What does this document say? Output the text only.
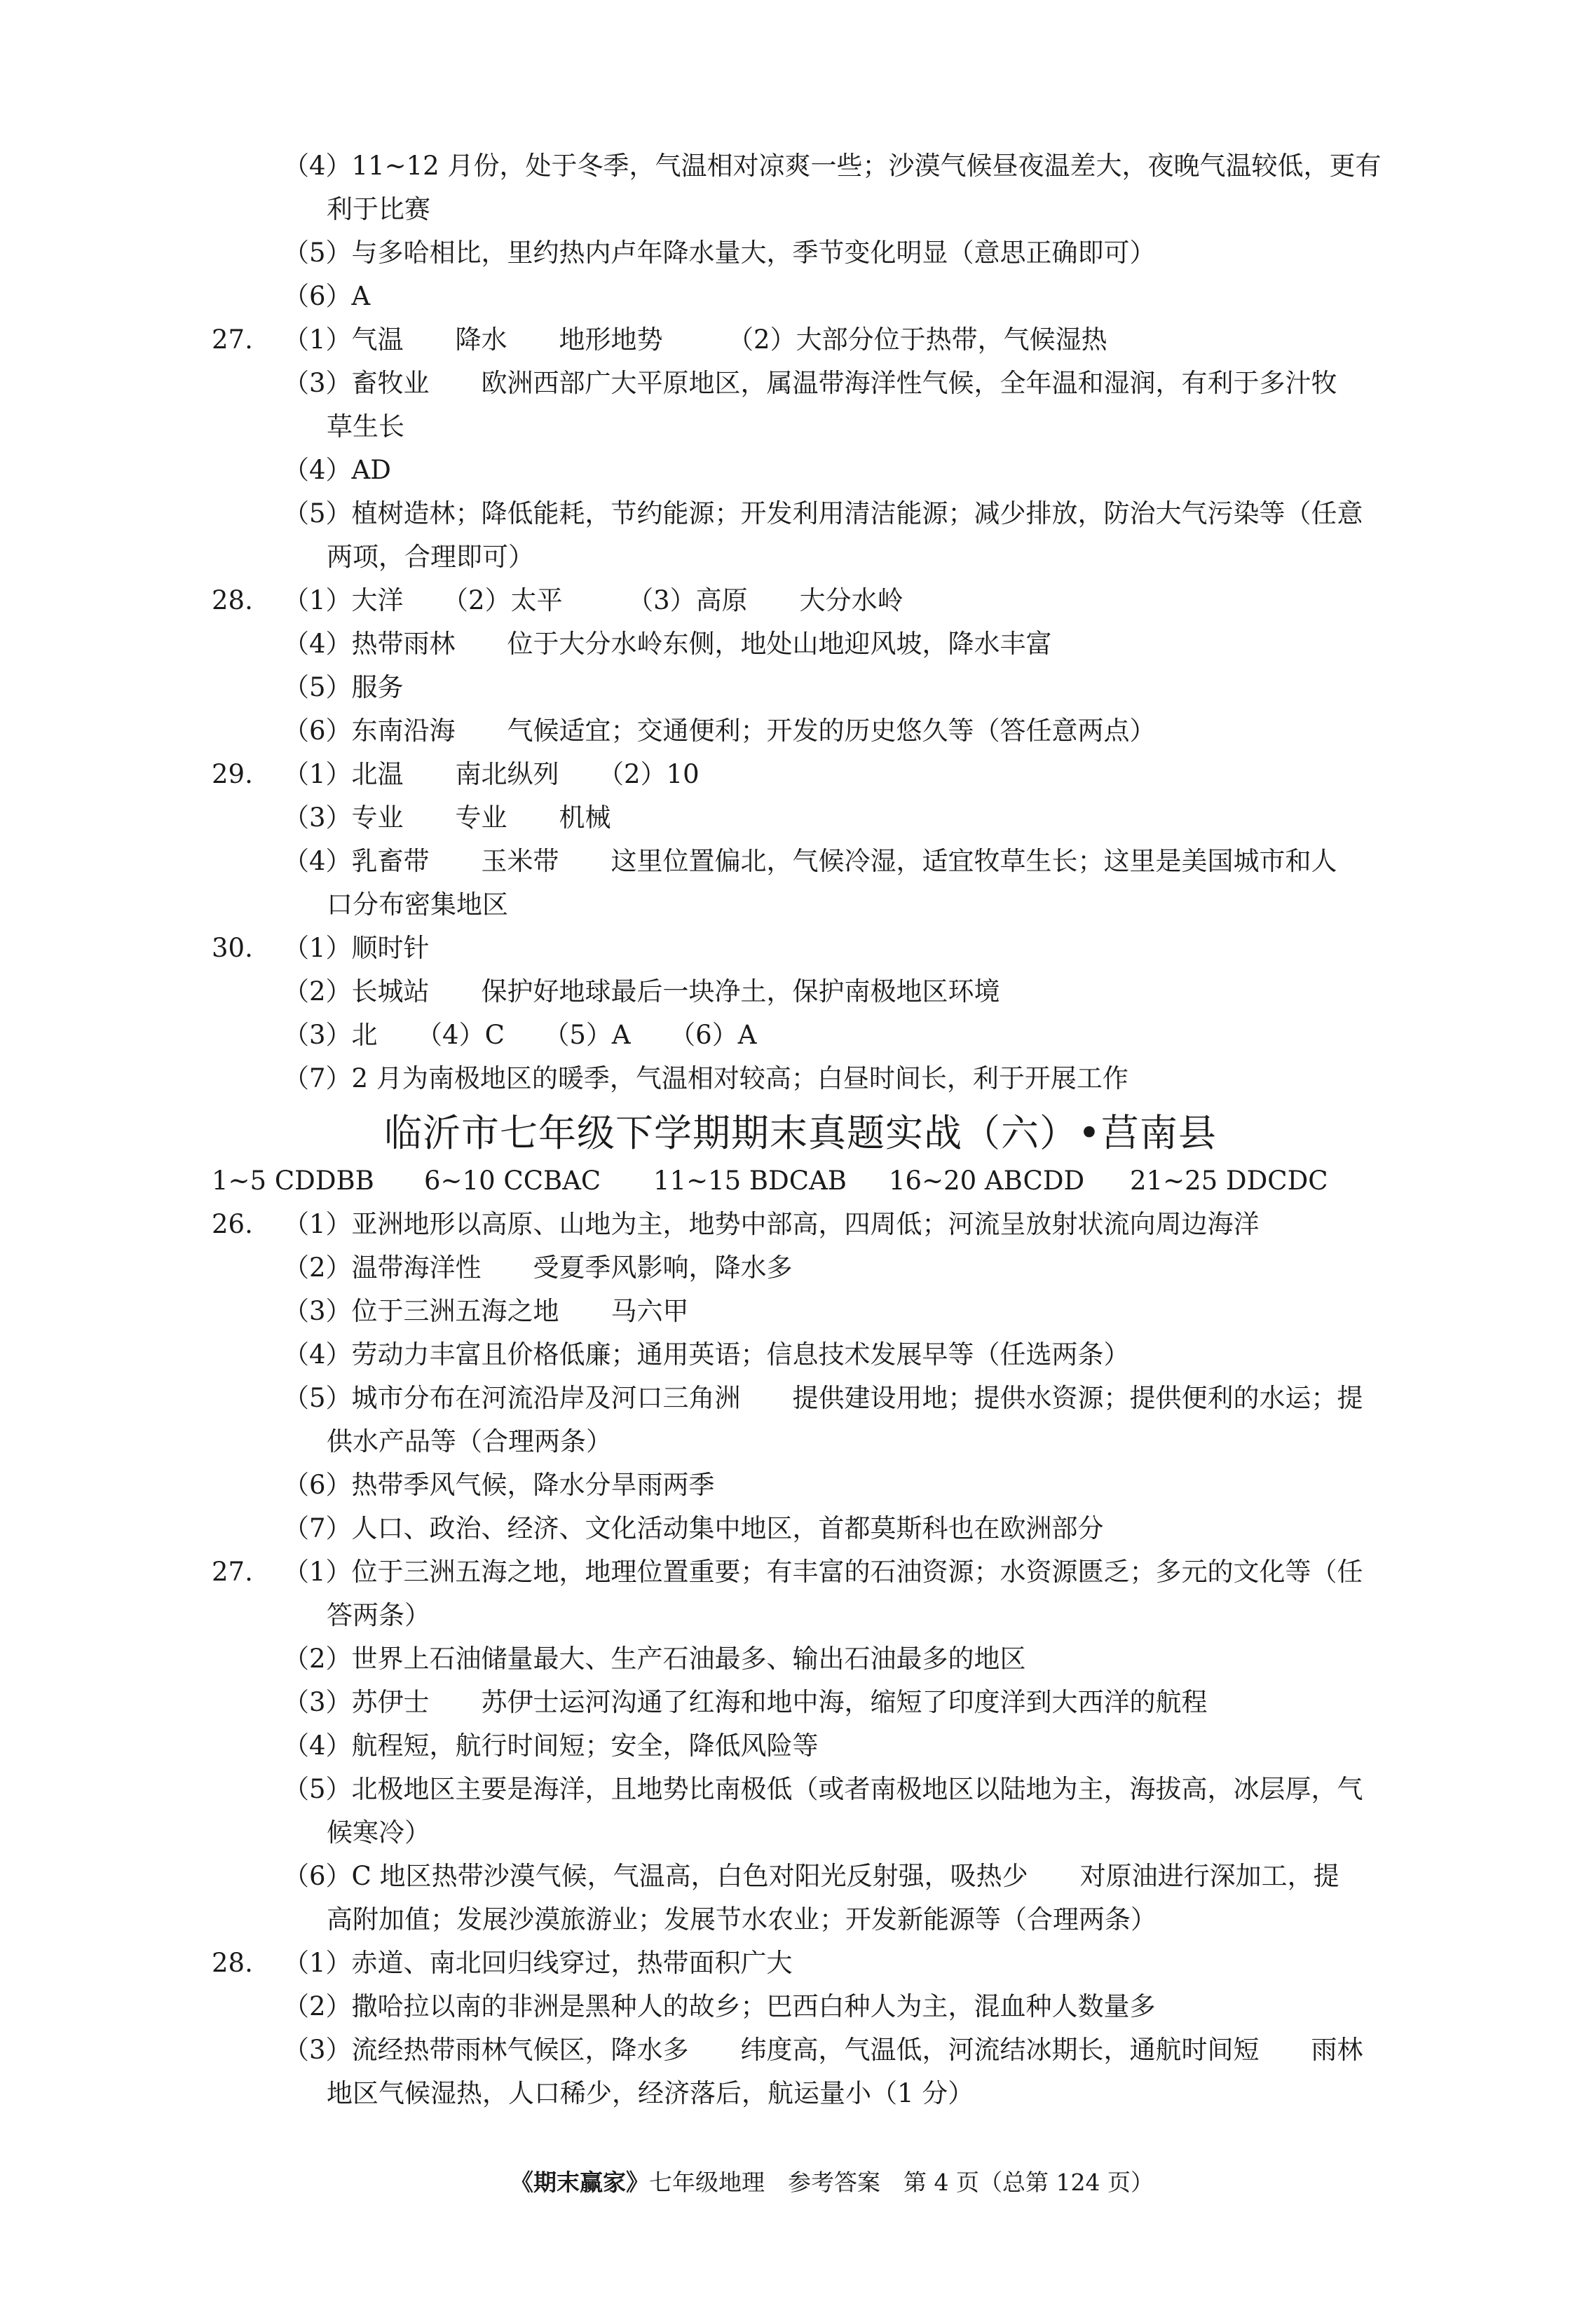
（4）11~12 月份，处于冬季，气温相对凉爽一些；沙漠气候昼夜温差大，夜晚气温较低，更有
利于比赛
（5）与多哈相比，里约热内卢年降水量大，季节变化明显（意思正确即可）
（6）A
27. （1）气温　　降水　　地形地势　　　（2）大部分位于热带，气候湿热
（3）畜牧业　　欧洲西部广大平原地区，属温带海洋性气候，全年温和湿润，有利于多汁牧
草生长
（4）AD
（5）植树造林；降低能耗，节约能源；开发利用清洁能源；减少排放，防治大气污染等（任意
两项，合理即可）
28. （1）大洋　　（2）太平　　　（3）高原　　大分水岭
（4）热带雨林　　位于大分水岭东侧，地处山地迎风坡，降水丰富
（5）服务
（6）东南沿海　　气候适宜；交通便利；开发的历史悠久等（答任意两点）
29. （1）北温　　南北纵列　　（2）10
（3）专业　　专业　　机械
（4）乳畜带　　玉米带　　这里位置偏北，气候冷湿，适宜牧草生长；这里是美国城市和人
口分布密集地区
30. （1）顺时针
（2）长城站　　保护好地球最后一块净土，保护南极地区环境
（3）北　　（4）C　　（5）A　　（6）A
（7）2 月为南极地区的暖季，气温相对较高；白昼时间长，利于开展工作
临沂市七年级下学期期末真题实战（六）•莒南县
1~5 CDDBB 6~10 CCBAC 11~15 BDCAB 16~20 ABCDD 21~25 DDCDC
26. （1）亚洲地形以高原、山地为主，地势中部高，四周低；河流呈放射状流向周边海洋
（2）温带海洋性　　受夏季风影响，降水多
（3）位于三洲五海之地　　马六甲
（4）劳动力丰富且价格低廉；通用英语；信息技术发展早等（任选两条）
（5）城市分布在河流沿岸及河口三角洲　　提供建设用地；提供水资源；提供便利的水运；提
供水产品等（合理两条）
（6）热带季风气候，降水分旱雨两季
（7）人口、政治、经济、文化活动集中地区，首都莫斯科也在欧洲部分
27. （1）位于三洲五海之地，地理位置重要；有丰富的石油资源；水资源匮乏；多元的文化等（任
答两条）
（2）世界上石油储量最大、生产石油最多、输出石油最多的地区
（3）苏伊士　　苏伊士运河沟通了红海和地中海，缩短了印度洋到大西洋的航程
（4）航程短，航行时间短；安全，降低风险等
（5）北极地区主要是海洋，且地势比南极低（或者南极地区以陆地为主，海拔高，冰层厚，气
候寒冷）
（6）C 地区热带沙漠气候，气温高，白色对阳光反射强，吸热少　　对原油进行深加工，提
高附加值；发展沙漠旅游业；发展节水农业；开发新能源等（合理两条）
28. （1）赤道、南北回归线穿过，热带面积广大
（2）撒哈拉以南的非洲是黑种人的故乡；巴西白种人为主，混血种人数量多
（3）流经热带雨林气候区，降水多　　纬度高，气温低，河流结冰期长，通航时间短　　雨林
地区气候湿热，人口稀少，经济落后，航运量小（1 分）
《期末赢家》七年级地理　参考答案　第 4 页（总第 124 页）
